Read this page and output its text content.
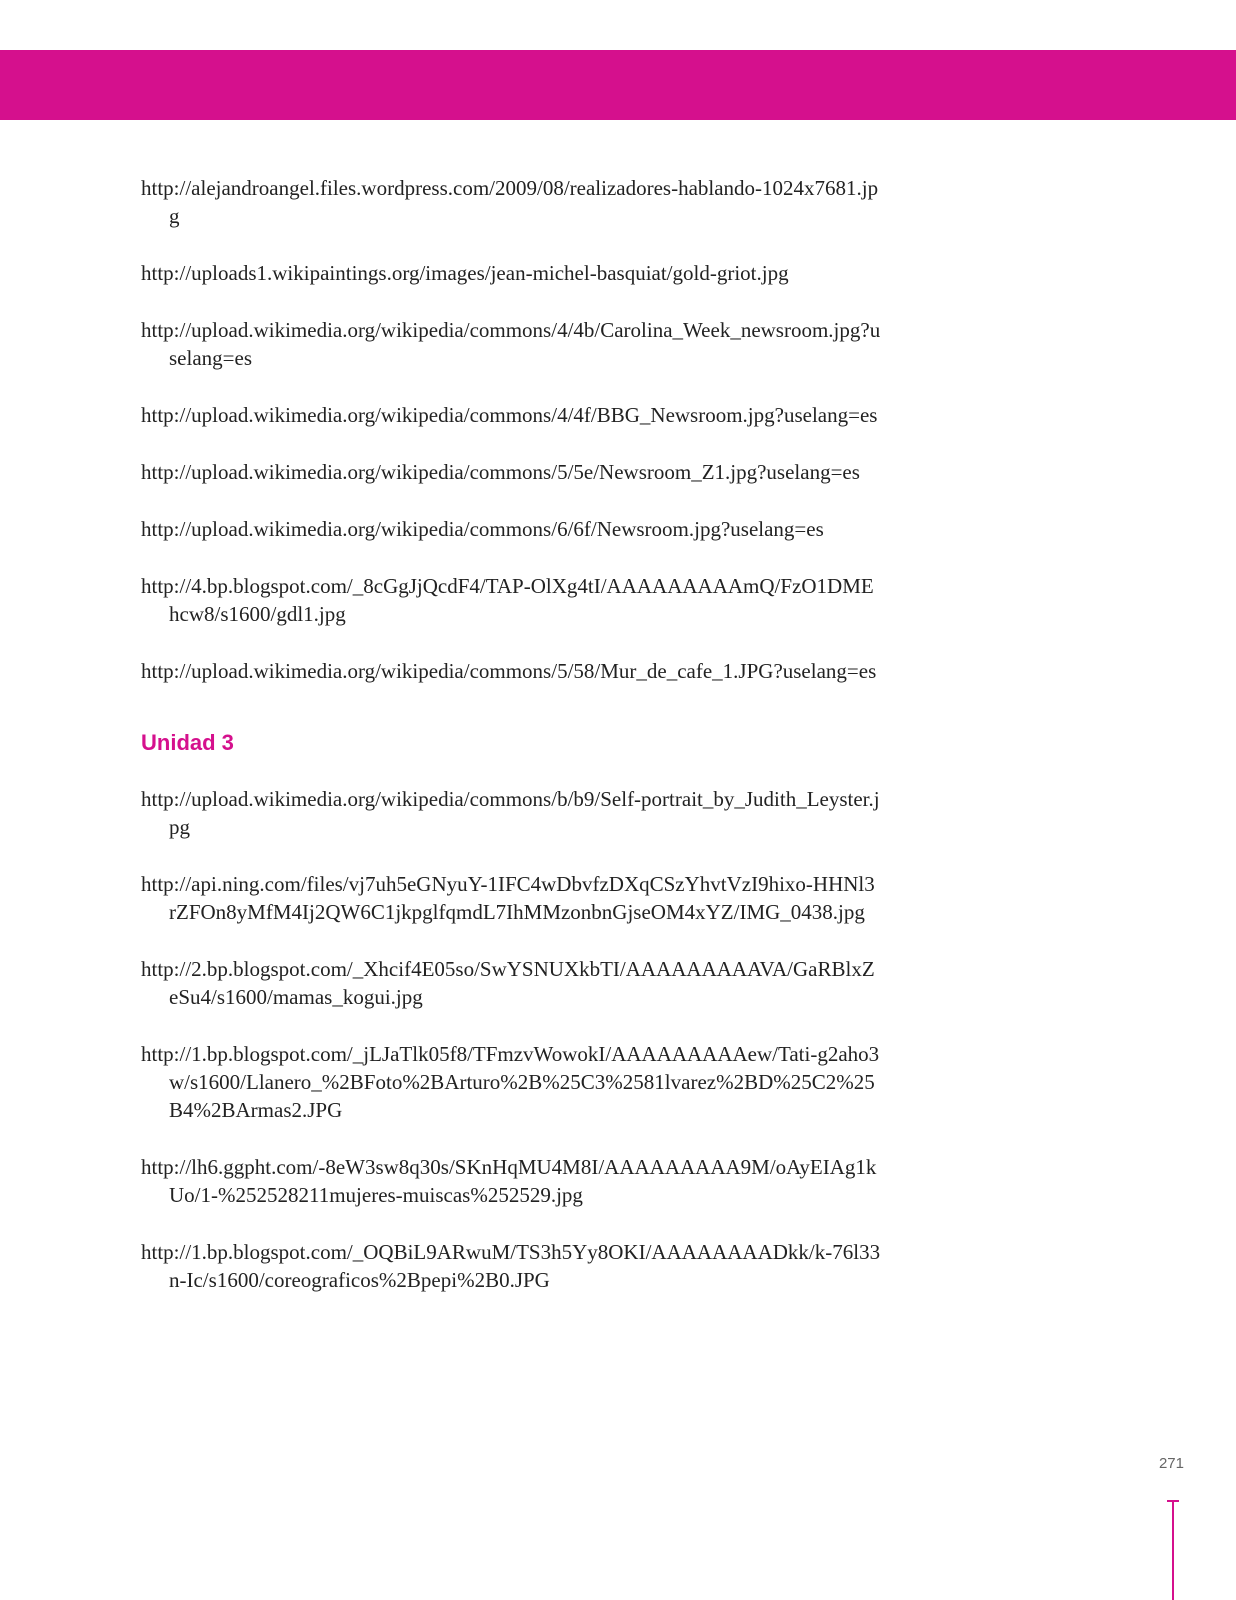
http://alejandroangel.files.wordpress.com/2009/08/realizadores-hablando-1024x7681.jpg

http://uploads1.wikipaintings.org/images/jean-michel-basquiat/gold-griot.jpg

http://upload.wikimedia.org/wikipedia/commons/4/4b/Carolina_Week_newsroom.jpg?uselang=es

http://upload.wikimedia.org/wikipedia/commons/4/4f/BBG_Newsroom.jpg?uselang=es

http://upload.wikimedia.org/wikipedia/commons/5/5e/Newsroom_Z1.jpg?uselang=es

http://upload.wikimedia.org/wikipedia/commons/6/6f/Newsroom.jpg?uselang=es

http://4.bp.blogspot.com/_8cGgJjQcdF4/TAP-OlXg4tI/AAAAAAAAAmQ/FzO1DMEhcw8/s1600/gdl1.jpg

http://upload.wikimedia.org/wikipedia/commons/5/58/Mur_de_cafe_1.JPG?uselang=es

Unidad 3

http://upload.wikimedia.org/wikipedia/commons/b/b9/Self-portrait_by_Judith_Leyster.jpg

http://api.ning.com/files/vj7uh5eGNyuY-1IFC4wDbvfzDXqCSzYhvtVzI9hixo-HHNl3rZFOn8yMfM4Ij2QW6C1jkpglfqmdL7IhMMzonbnGjseOM4xYZ/IMG_0438.jpg

http://2.bp.blogspot.com/_Xhcif4E05so/SwYSNUXkbTI/AAAAAAAAAVA/GaRBlxZeSu4/s1600/mamas_kogui.jpg

http://1.bp.blogspot.com/_jLJaTlk05f8/TFmzvWowokI/AAAAAAAAAew/Tati-g2aho3w/s1600/Llanero_%2BFoto%2BArturo%2B%25C3%2581lvarez%2BD%25C2%25B4%2BArmas2.JPG

http://lh6.ggpht.com/-8eW3sw8q30s/SKnHqMU4M8I/AAAAAAAAA9M/oAyEIAg1kUo/1-%252528211mujeres-muiscas%252529.jpg

http://1.bp.blogspot.com/_OQBiL9ARwuM/TS3h5Yy8OKI/AAAAAAAADkk/k-76l33n-Ic/s1600/coreograficos%2Bpepi%2B0.JPG

271
